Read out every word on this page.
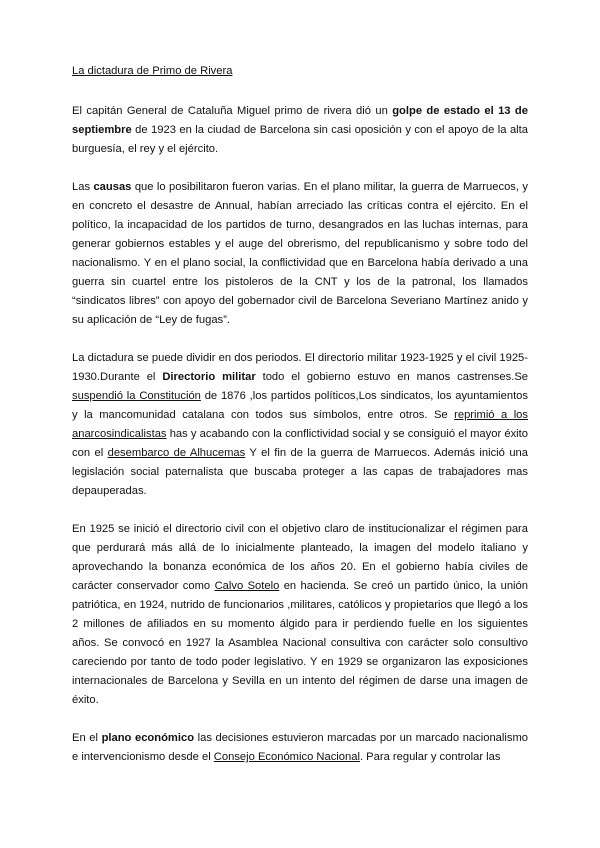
La dictadura de Primo de Rivera

El capitán General de Cataluña Miguel primo de rivera dió un golpe de estado el 13 de septiembre de 1923 en la ciudad de Barcelona sin casi oposición y con el apoyo de la alta burguesía, el rey y el ejército.

Las causas que lo posibilitaron fueron varias. En el plano militar, la guerra de Marruecos, y en concreto el desastre de Annual, habían arreciado las críticas contra el ejército. En el político, la incapacidad de los partidos de turno, desangrados en las luchas internas, para generar gobiernos estables y el auge del obrerismo, del republicanismo y sobre todo del nacionalismo. Y en el plano social, la conflictividad que en Barcelona había derivado a una guerra sin cuartel entre los pistoleros de la CNT y los de la patronal, los llamados “sindicatos libres” con apoyo del gobernador civil de Barcelona Severiano Martínez anido y su aplicación de “Ley de fugas”.

La dictadura se puede dividir en dos periodos. El directorio militar 1923-1925 y el civil 1925-1930.Durante el Directorio militar todo el gobierno estuvo en manos castrenses.Se suspendió la Constitución de 1876 ,los partidos políticos,Los sindicatos, los ayuntamientos y la mancomunidad catalana con todos sus símbolos, entre otros. Se reprimió a los anarcosindicalistas has y acabando con la conflictividad social y se consiguió el mayor éxito con el desembarco de Alhucemas Y el fin de la guerra de Marruecos. Además inició una legislación social paternalista que buscaba proteger a las capas de trabajadores mas depauperadas.

En 1925 se inició el directorio civil con el objetivo claro de institucionalizar el régimen para que perdurará más allá de lo inicialmente planteado, la imagen del modelo italiano y aprovechando la bonanza económica de los años 20. En el gobierno había civiles de carácter conservador como Calvo Sotelo en hacienda. Se creó un partido único, la unión patriótica, en 1924, nutrido de funcionarios ,militares, católicos y propietarios que llegó a los 2 millones de afiliados en su momento álgido para ir perdiendo fuelle en los siguientes años. Se convocó en 1927 la Asamblea Nacional consultiva con carácter solo consultivo careciendo por tanto de todo poder legislativo. Y en 1929 se organizaron las exposiciones internacionales de Barcelona y Sevilla en un intento del régimen de darse una imagen de éxito.

En el plano económico las decisiones estuvieron marcadas por un marcado nacionalismo e intervencionismo desde el Consejo Económico Nacional. Para regular y controlar las
